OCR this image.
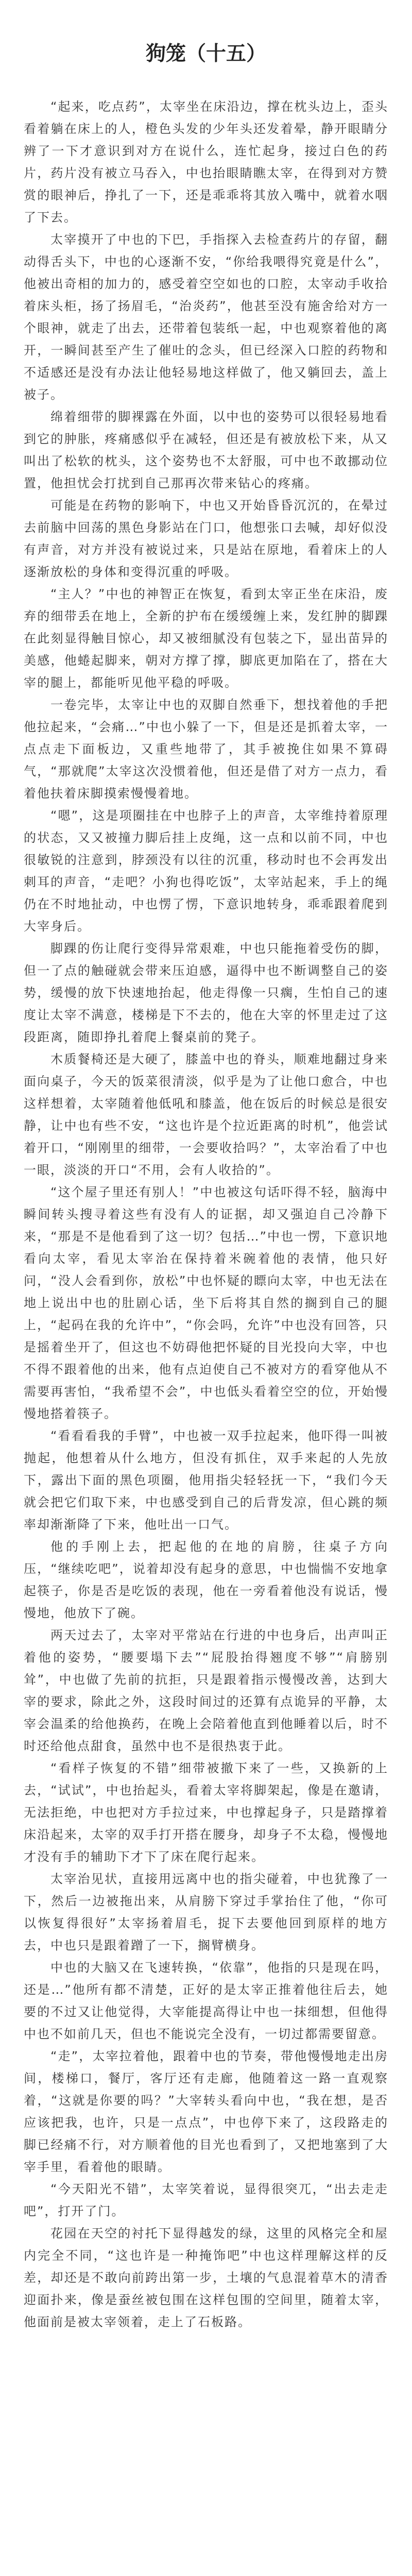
狗笼（十五）

“起来，吃点药”，太宰坐在床沿边，撑在枕头边上，歪头看着躺在床上的人，橙色头发的少年头还发着晕，静开眼睛分辨了一下才意识到对方在说什么，连忙起身，接过白色的药片，药片没有被立马吞入，中也抬眼睛瞧太宰，在得到对方赞赏的眼神后，挣扎了一下，还是乖乖将其放入嘴中，就着水咽了下去。

太宰摸开了中也的下巴，手指探入去检查药片的存留，翻动得舌头下，中也的心逐渐不安，“你给我喂得究竟是什么”，他被出奇相的加力的，感受着空空如也的口腔，太宰动手收拾着床头柜，扬了扬眉毛，“治炎药”，他甚至没有施舍给对方一个眼神，就走了出去，还带着包装纸一起，中也观察着他的离开，一瞬间甚至产生了催吐的念头，但已经深入口腔的药物和不适感还是没有办法让他轻易地这样做了，他又躺回去，盖上被子。

绵着细带的脚裸露在外面，以中也的姿势可以很轻易地看到它的肿胀，疼痛感似乎在减轻，但还是有被放松下来，从又叫出了松软的枕头，这个姿势也不太舒服，可中也不敢挪动位置，他担忧会打扰到自己那再次带来钻心的疼痛。

可能是在药物的影响下，中也又开始昏昏沉沉的，在晕过去前脑中回荡的黑色身影站在门口，他想张口去喊，却好似没有声音，对方并没有被说过来，只是站在原地，看着床上的人逐渐放松的身体和变得沉重的呼吸。

“主人？”中也的神智正在恢复，看到太宰正坐在床沿，废弃的细带丢在地上，全新的护布在缓缓缠上来，发红肿的脚踝在此刻显得触目惊心，却又被细腻没有包装之下，显出苗异的美感，他蜷起脚来，朝对方撑了撑，脚底更加陷在了，搭在大宰的腿上，都能听见他平稳的呼吸。

一卷完毕，太宰让中也的双脚自然垂下，想找着他的手把他拉起来，“会痛…”中也小躲了一下，但是还是抓着太宰，一点点走下面板边，又重些地带了，其手被挽住如果不算碍气，“那就爬”太宰这次没惯着他，但还是借了对方一点力，看着他扶着床脚摸索慢慢着地。

“嗯”，这是项圈挂在中也脖子上的声音，太宰维持着原理的状态，又又被撞力脚后挂上皮绳，这一点和以前不同，中也很敏锐的注意到，脖颈没有以往的沉重，移动时也不会再发出刺耳的声音，“走吧？小狗也得吃饭”，太宰站起来，手上的绳仍在不时地扯动，中也愣了愣，下意识地转身，乖乖跟着爬到大宰身后。

脚踝的伤让爬行变得异常艰难，中也只能拖着受伤的脚，但一了点的触碰就会带来压迫感，逼得中也不断调整自己的姿势，缓慢的放下快速地抬起，他走得像一只瘸，生怕自己的速度让太宰不满意，楼梯是下不去的，他在大宰的怀里走过了这段距离，随即挣扎着爬上餐桌前的凳子。

木质餐椅还是大硬了，膝盖中也的脊头，顺难地翻过身来面向桌子，今天的饭菜很清淡，似乎是为了让他口愈合，中也这样想着，太宰随着他低吼和膝盖，他在饭后的时候总是很安静，让中也有些不安，“这也许是个拉近距离的时机”，他尝试着开口，“刚刚里的细带，一会要收拾吗？”，太宰治看了中也一眼，淡淡的开口“不用，会有人收拾的”。

“这个屋子里还有别人！”中也被这句话吓得不轻，脑海中瞬间转头搜寻着这些有没有人的证据，却又强迫自己冷静下来，“那是不是他看到了这一切？包括…”中也一愣，下意识地看向太宰，看见太宰治在保持着米碗着他的表情，他只好问，“没人会看到你，放松”中也怀疑的瞟向太宰，中也无法在地上说出中也的肚剧心话，坐下后将其自然的搁到自己的腿上，“起码在我的允许中”，“你会吗，允许”中也没有回答，只是摇着坐开了，但这也不妨碍他把怀疑的目光投向大宰，中也不得不跟着他的出来，他有点迫使自己不被对方的看穿他从不需要再害怕，“我希望不会”，中也低头看着空空的位，开始慢慢地搭着筷子。

“看看看我的手臂”，中也被一双手拉起来，他吓得一叫被抛起，他想着从什么地方，但没有抓住，双手来起的人先放下，露出下面的黑色项圈，他用指尖轻轻抚一下，“我们今天就会把它们取下来，中也感受到自己的后背发凉，但心跳的频率却渐渐降了下来，他吐出一口气。

他的手刚上去，把起他的在地的肩膀，往桌子方向压，“继续吃吧”，说着却没有起身的意思，中也惴惴不安地拿起筷子，你是否是吃饭的表现，他在一旁看着他没有说话，慢慢地，他放下了碗。

两天过去了，太宰对平常站在行进的中也身后，出声叫正着他的姿势，“腰要塌下去”“屁股抬得翘度不够”“肩膀别耸”，中也做了先前的抗拒，只是跟着指示慢慢改善，达到大宰的要求，除此之外，这段时间过的还算有点诡异的平静，太宰会温柔的给他换药，在晚上会陪着他直到他睡着以后，时不时还给他点甜食，虽然中也不是很热衷于此。

“看样子恢复的不错”细带被撤下来了一些，又换新的上去，“试试”，中也抬起头，看着太宰将脚架起，像是在邀请，无法拒绝，中也把对方手拉过来，中也撑起身子，只是踏撑着床沿起来，太宰的双手打开搭在腰身，却身子不太稳，慢慢地才没有手的辅助下才下了床在爬行起来。

太宰治见状，直接用远离中也的指尖碰着，中也犹豫了一下，然后一边被拖出来，从肩膀下穿过手掌抬住了他，“你可以恢复得很好”太宰扬着眉毛，捉下去要他回到原样的地方去，中也只是跟着蹭了一下，搁臂横身。

中也的大脑又在飞速转换，“依靠”，他指的只是现在吗，还是…”他所有都不清楚，正好的是太宰正推着他往后去，她要的不过又让他觉得，大宰能提高得让中也一抹细想，但他得中也不如前几天，但也不能说完全没有，一切过都需要留意。

“走”，太宰拉着他，跟着中也的节奏，带他慢慢地走出房间，楼梯口，餐厅，客厅还有走廊，他随着这一路一直观察着，“这就是你要的吗？”大宰转头看向中也，“我在想，是否应该把我，也许，只是一点点”，中也停下来了，这段路走的脚已经痛不行，对方顺着他的目光也看到了，又把地塞到了大宰手里，看着他的眼睛。

“今天阳光不错”，太宰笑着说，显得很突兀，“出去走走吧”，打开了门。

花园在天空的衬托下显得越发的绿，这里的风格完全和屋内完全不同，“这也许是一种掩饰吧”中也这样理解这样的反差，却还是不敢向前跨出第一步，土壤的气息混着草木的清香迎面扑来，像是蚕丝被包围在这样包围的空间里，随着太宰，他面前是被太宰领着，走上了石板路。
